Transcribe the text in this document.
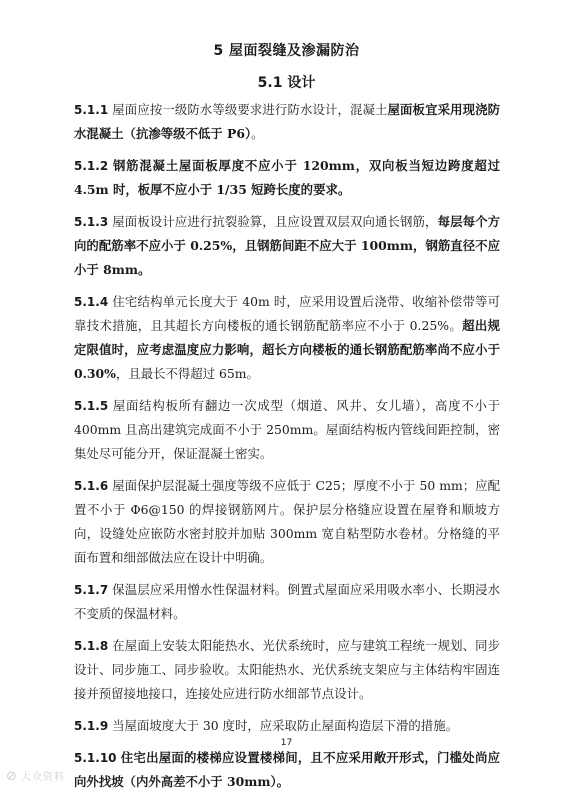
5 屋面裂缝及渗漏防治
5.1 设计

5.1.1 屋面应按一级防水等级要求进行防水设计，混凝土屋面板宜采用现浇防水混凝土（抗渗等级不低于 P6）。

5.1.2 钢筋混凝土屋面板厚度不应小于 120mm，双向板当短边跨度超过 4.5m 时，板厚不应小于 1/35 短跨长度的要求。

5.1.3 屋面板设计应进行抗裂验算，且应设置双层双向通长钢筋，每层每个方向的配筋率不应小于 0.25%，且钢筋间距不应大于 100mm，钢筋直径不应小于 8mm。

5.1.4 住宅结构单元长度大于 40m 时，应采用设置后浇带、收缩补偿带等可靠技术措施，且其超长方向楼板的通长钢筋配筋率应不小于 0.25%。超出规定限值时，应考虑温度应力影响，超长方向楼板的通长钢筋配筋率尚不应小于 0.30%，且最长不得超过 65m。

5.1.5 屋面结构板所有翻边一次成型（烟道、风井、女儿墙），高度不小于 400mm 且高出建筑完成面不小于 250mm。屋面结构板内管线间距控制，密集处尽可能分开，保证混凝土密实。

5.1.6 屋面保护层混凝土强度等级不应低于 C25；厚度不小于 50 mm；应配置不小于 Φ6@150 的焊接钢筋网片。保护层分格缝应设置在屋脊和顺坡方向，设缝处应嵌防水密封胶并加贴 300mm 宽自粘型防水卷材。分格缝的平面布置和细部做法应在设计中明确。

5.1.7 保温层应采用憎水性保温材料。倒置式屋面应采用吸水率小、长期浸水不变质的保温材料。

5.1.8 在屋面上安装太阳能热水、光伏系统时，应与建筑工程统一规划、同步设计、同步施工、同步验收。太阳能热水、光伏系统支架应与主体结构牢固连接并预留接地接口，连接处应进行防水细部节点设计。

5.1.9 当屋面坡度大于 30 度时，应采取防止屋面构造层下滑的措施。

5.1.10 住宅出屋面的楼梯应设置楼梯间，且不应采用敞开形式，门槛处尚应向外找坡（内外高差不小于 30mm）。

17
⊘ 大众资料
